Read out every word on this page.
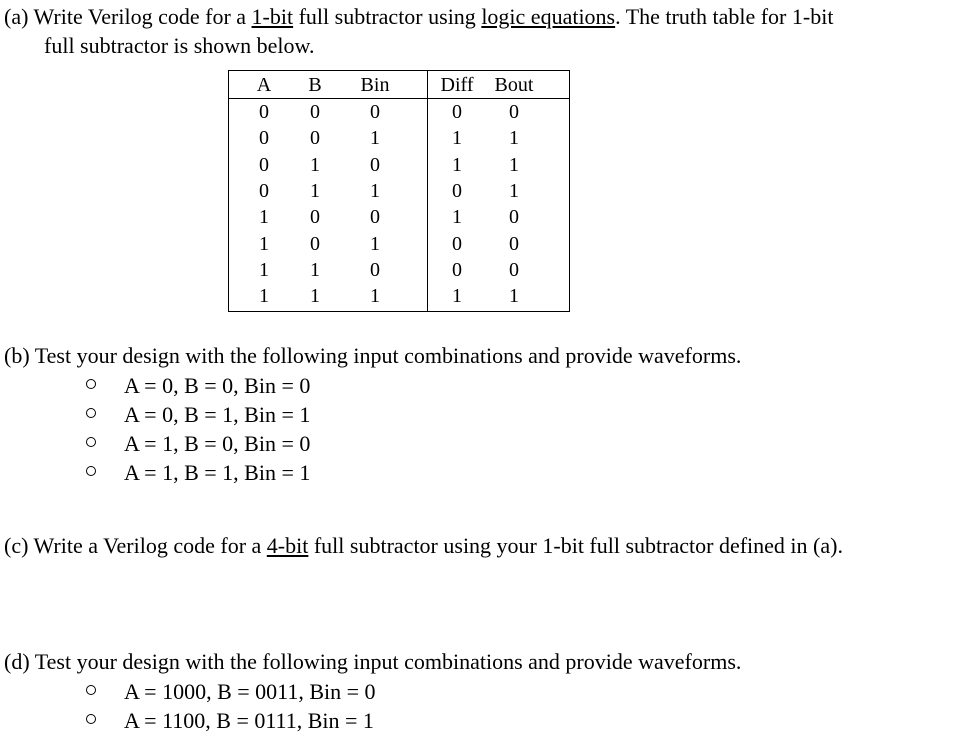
(a) Write Verilog code for a 1-bit full subtractor using logic equations. The truth table for 1-bit
full subtractor is shown below.
A	B	Bin	Diff	Bout
0	0	0	0	0
0	0	1	1	1
0	1	0	1	1
0	1	1	0	1
1	0	0	1	0
1	0	1	0	0
1	1	0	0	0
1	1	1	1	1
(b) Test your design with the following input combinations and provide waveforms.
A = 0, B = 0, Bin = 0
A = 0, B = 1, Bin = 1
A = 1, B = 0, Bin = 0
A = 1, B = 1, Bin = 1
(c) Write a Verilog code for a 4-bit full subtractor using your 1-bit full subtractor defined in (a).
(d) Test your design with the following input combinations and provide waveforms.
A = 1000, B = 0011, Bin = 0
A = 1100, B = 0111, Bin = 1
